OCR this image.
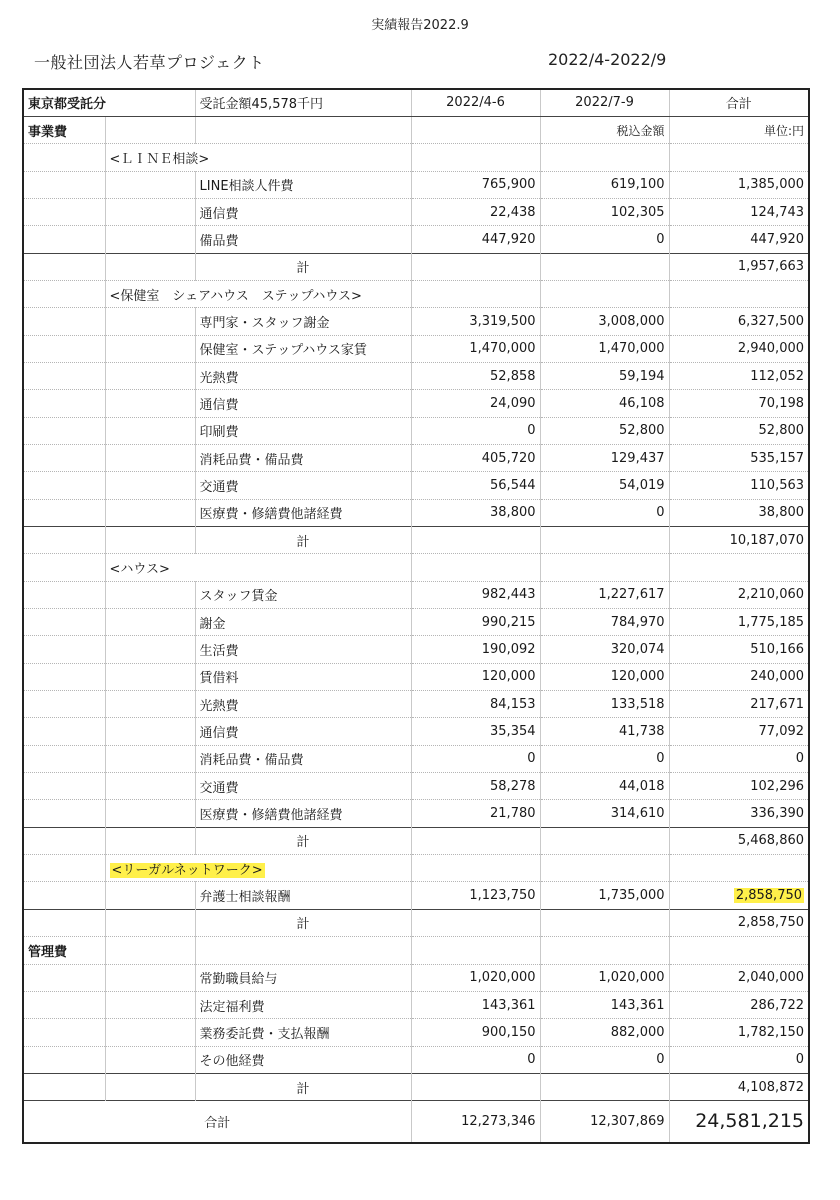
実績報告2022.9
一般社団法人若草プロジェクト	2022/4-2022/9
東京都受託分		受託金額45,578千円	2022/4-6	2022/7-9	合計
事業費				税込金額	単位:円
	<ＬＩＮＥ相談>				
		LINE相談人件費	765,900	619,100	1,385,000
		通信費	22,438	102,305	124,743
		備品費	447,920	0	447,920
		計			1,957,663
	<保健室　シェアハウス　ステップハウス>				
		専門家・スタッフ謝金	3,319,500	3,008,000	6,327,500
		保健室・ステップハウス家賃	1,470,000	1,470,000	2,940,000
		光熱費	52,858	59,194	112,052
		通信費	24,090	46,108	70,198
		印刷費	0	52,800	52,800
		消耗品費・備品費	405,720	129,437	535,157
		交通費	56,544	54,019	110,563
		医療費・修繕費他諸経費	38,800	0	38,800
		計			10,187,070
	<ハウス>				
		スタッフ賃金	982,443	1,227,617	2,210,060
		謝金	990,215	784,970	1,775,185
		生活費	190,092	320,074	510,166
		賃借料	120,000	120,000	240,000
		光熱費	84,153	133,518	217,671
		通信費	35,354	41,738	77,092
		消耗品費・備品費	0	0	0
		交通費	58,278	44,018	102,296
		医療費・修繕費他諸経費	21,780	314,610	336,390
		計			5,468,860
	<リーガルネットワーク>				
		弁護士相談報酬	1,123,750	1,735,000	2,858,750
		計			2,858,750
管理費					
		常勤職員給与	1,020,000	1,020,000	2,040,000
		法定福利費	143,361	143,361	286,722
		業務委託費・支払報酬	900,150	882,000	1,782,150
		その他経費	0	0	0
		計			4,108,872
合計			12,273,346	12,307,869	24,581,215
